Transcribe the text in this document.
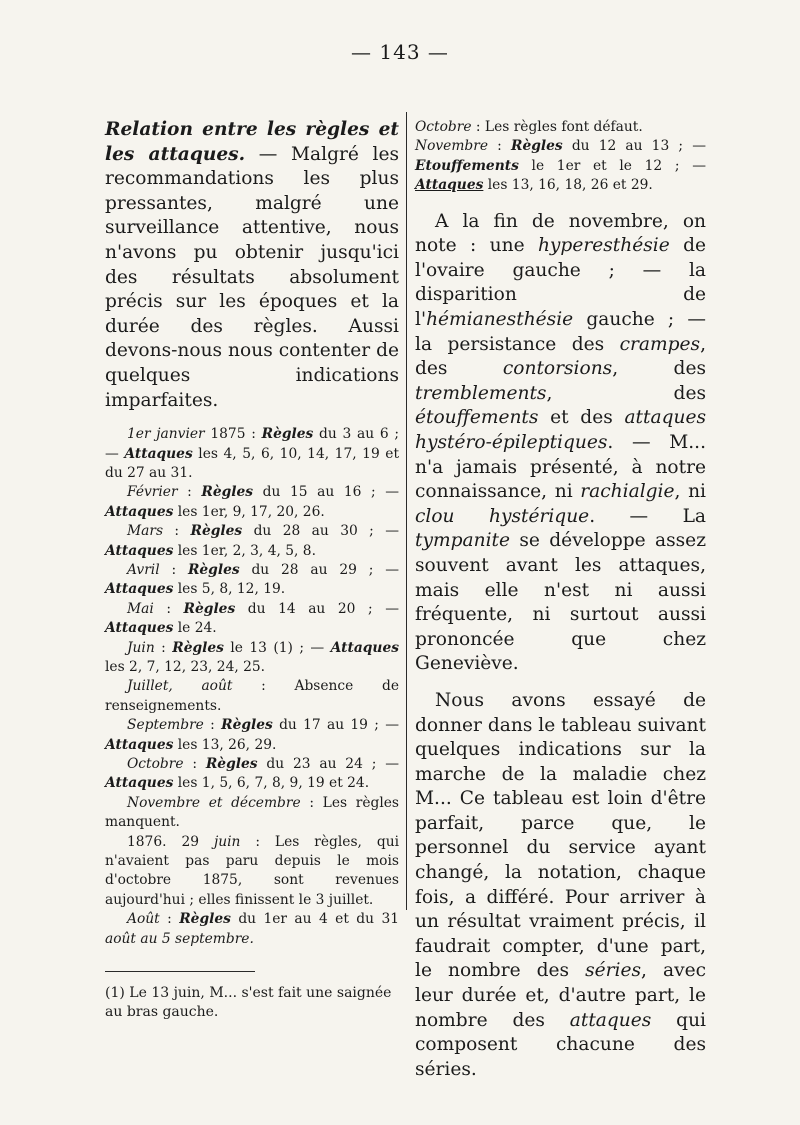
— 143 —

Relation entre les règles et les attaques. — Malgré les recommandations les plus pressantes, malgré une surveillance attentive, nous n'avons pu obtenir jusqu'ici des résultats absolument précis sur les époques et la durée des règles. Aussi devons-nous nous contenter de quelques indications imparfaites.

1er janvier 1875 : Règles du 3 au 6 ; — Attaques les 4, 5, 6, 10, 14, 17, 19 et du 27 au 31.

Février : Règles du 15 au 16 ; — Attaques les 1er, 9, 17, 20, 26.

Mars : Règles du 28 au 30 ; — Attaques les 1er, 2, 3, 4, 5, 8.

Avril : Règles du 28 au 29 ; — Attaques les 5, 8, 12, 19.

Mai : Règles du 14 au 20 ; — Attaques le 24.

Juin : Règles le 13 (1) ; — Attaques les 2, 7, 12, 23, 24, 25.

Juillet, août : Absence de renseignements.

Septembre : Règles du 17 au 19 ; — Attaques les 13, 26, 29.

Octobre : Règles du 23 au 24 ; — Attaques les 1, 5, 6, 7, 8, 9, 19 et 24.

Novembre et décembre : Les règles manquent.

1876. 29 juin : Les règles, qui n'avaient pas paru depuis le mois d'octobre 1875, sont revenues aujourd'hui ; elles finissent le 3 juillet.

Août : Règles du 1er au 4 et du 31 août au 5 septembre.

(1) Le 13 juin, M... s'est fait une saignée au bras gauche.

Octobre : Les règles font défaut.

Novembre : Règles du 12 au 13 ; — Etouffements le 1er et le 12 ; — Attaques les 13, 16, 18, 26 et 29.

A la fin de novembre, on note : une hyperesthésie de l'ovaire gauche ; — la disparition de l'hémianesthésie gauche ; — la persistance des crampes, des contorsions, des tremblements, des étouffements et des attaques hystéro-épileptiques. — M... n'a jamais présenté, à notre connaissance, ni rachialgie, ni clou hystérique. — La tympanite se développe assez souvent avant les attaques, mais elle n'est ni aussi fréquente, ni surtout aussi prononcée que chez Geneviève.

Nous avons essayé de donner dans le tableau suivant quelques indications sur la marche de la maladie chez M... Ce tableau est loin d'être parfait, parce que, le personnel du service ayant changé, la notation, chaque fois, a différé. Pour arriver à un résultat vraiment précis, il faudrait compter, d'une part, le nombre des séries, avec leur durée et, d'autre part, le nombre des attaques qui composent chacune des séries.
